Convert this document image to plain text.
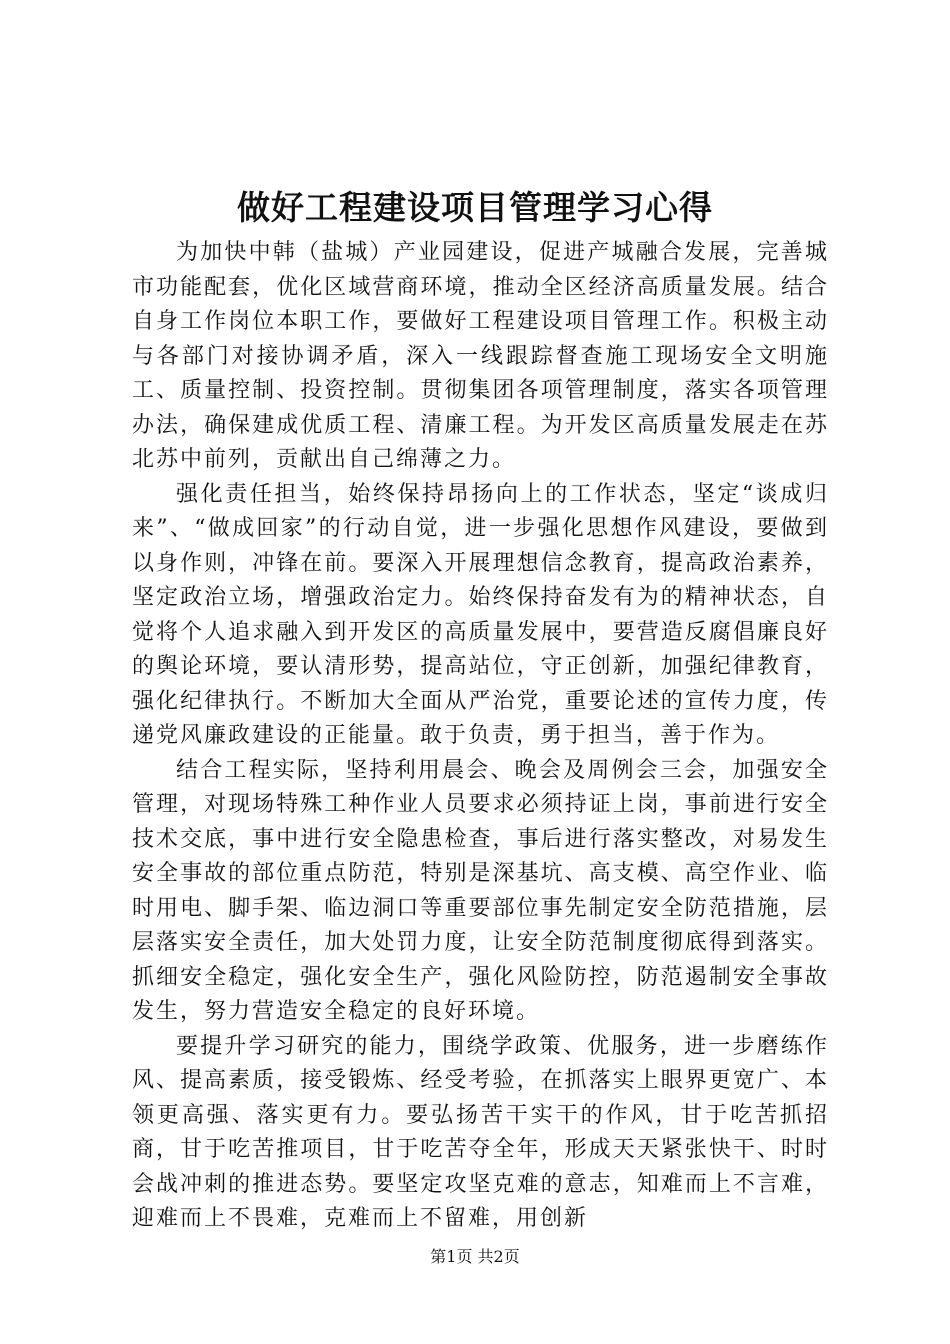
做好工程建设项目管理学习心得

为加快中韩（盐城）产业园建设，促进产城融合发展，完善城市功能配套，优化区域营商环境，推动全区经济高质量发展。结合自身工作岗位本职工作，要做好工程建设项目管理工作。积极主动与各部门对接协调矛盾，深入一线跟踪督查施工现场安全文明施工、质量控制、投资控制。贯彻集团各项管理制度，落实各项管理办法，确保建成优质工程、清廉工程。为开发区高质量发展走在苏北苏中前列，贡献出自己绵薄之力。

强化责任担当，始终保持昂扬向上的工作状态，坚定“谈成归来”、“做成回家”的行动自觉，进一步强化思想作风建设，要做到以身作则，冲锋在前。要深入开展理想信念教育，提高政治素养，坚定政治立场，增强政治定力。始终保持奋发有为的精神状态，自觉将个人追求融入到开发区的高质量发展中，要营造反腐倡廉良好的舆论环境，要认清形势，提高站位，守正创新，加强纪律教育，强化纪律执行。不断加大全面从严治党，重要论述的宣传力度，传递党风廉政建设的正能量。敢于负责，勇于担当，善于作为。

结合工程实际，坚持利用晨会、晚会及周例会三会，加强安全管理，对现场特殊工种作业人员要求必须持证上岗，事前进行安全技术交底，事中进行安全隐患检查，事后进行落实整改，对易发生安全事故的部位重点防范，特别是深基坑、高支模、高空作业、临时用电、脚手架、临边洞口等重要部位事先制定安全防范措施，层层落实安全责任，加大处罚力度，让安全防范制度彻底得到落实。抓细安全稳定，强化安全生产，强化风险防控，防范遏制安全事故发生，努力营造安全稳定的良好环境。

要提升学习研究的能力，围绕学政策、优服务，进一步磨练作风、提高素质，接受锻炼、经受考验，在抓落实上眼界更宽广、本领更高强、落实更有力。要弘扬苦干实干的作风，甘于吃苦抓招商，甘于吃苦推项目，甘于吃苦夺全年，形成天天紧张快干、时时会战冲刺的推进态势。要坚定攻坚克难的意志，知难而上不言难，迎难而上不畏难，克难而上不留难，用创新

第1页 共2页
